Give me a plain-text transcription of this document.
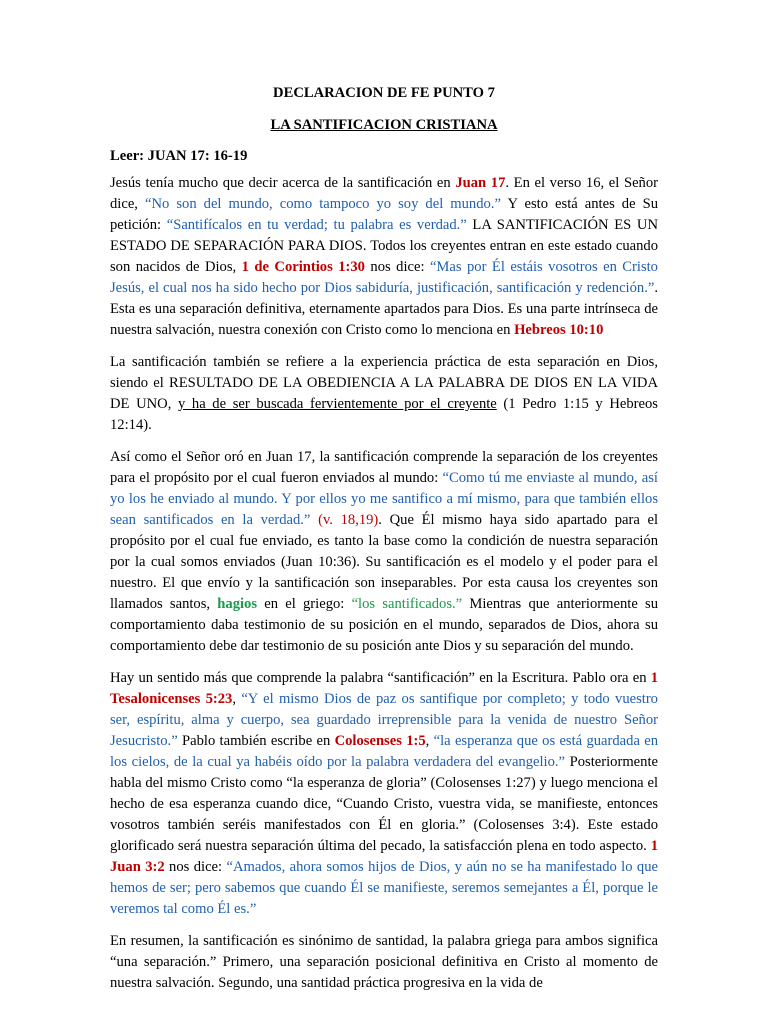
DECLARACION DE FE PUNTO 7
LA SANTIFICACION CRISTIANA
Leer: JUAN 17: 16-19

Jesús tenía mucho que decir acerca de la santificación en Juan 17. En el verso 16, el Señor dice, “No son del mundo, como tampoco yo soy del mundo.” Y esto está antes de Su petición: “Santifícalos en tu verdad; tu palabra es verdad.” LA SANTIFICACIÓN ES UN ESTADO DE SEPARACIÓN PARA DIOS. Todos los creyentes entran en este estado cuando son nacidos de Dios, 1 de Corintios 1:30 nos dice: “Mas por Él estáis vosotros en Cristo Jesús, el cual nos ha sido hecho por Dios sabiduría, justificación, santificación y redención.”. Esta es una separación definitiva, eternamente apartados para Dios. Es una parte intrínseca de nuestra salvación, nuestra conexión con Cristo como lo menciona en Hebreos 10:10

La santificación también se refiere a la experiencia práctica de esta separación en Dios, siendo el RESULTADO DE LA OBEDIENCIA A LA PALABRA DE DIOS EN LA VIDA DE UNO, y ha de ser buscada fervientemente por el creyente (1 Pedro 1:15 y Hebreos 12:14).

Así como el Señor oró en Juan 17, la santificación comprende la separación de los creyentes para el propósito por el cual fueron enviados al mundo: “Como tú me enviaste al mundo, así yo los he enviado al mundo. Y por ellos yo me santifico a mí mismo, para que también ellos sean santificados en la verdad.” (v. 18,19). Que Él mismo haya sido apartado para el propósito por el cual fue enviado, es tanto la base como la condición de nuestra separación por la cual somos enviados (Juan 10:36). Su santificación es el modelo y el poder para el nuestro. El que envío y la santificación son inseparables. Por esta causa los creyentes son llamados santos, hagios en el griego: “los santificados.” Mientras que anteriormente su comportamiento daba testimonio de su posición en el mundo, separados de Dios, ahora su comportamiento debe dar testimonio de su posición ante Dios y su separación del mundo.

Hay un sentido más que comprende la palabra “santificación” en la Escritura. Pablo ora en 1 Tesalonicenses 5:23, “Y el mismo Dios de paz os santifique por completo; y todo vuestro ser, espíritu, alma y cuerpo, sea guardado irreprensible para la venida de nuestro Señor Jesucristo.” Pablo también escribe en Colosenses 1:5, “la esperanza que os está guardada en los cielos, de la cual ya habéis oído por la palabra verdadera del evangelio.” Posteriormente habla del mismo Cristo como “la esperanza de gloria” (Colosenses 1:27) y luego menciona el hecho de esa esperanza cuando dice, “Cuando Cristo, vuestra vida, se manifieste, entonces vosotros también seréis manifestados con Él en gloria.” (Colosenses 3:4). Este estado glorificado será nuestra separación última del pecado, la satisfacción plena en todo aspecto. 1 Juan 3:2 nos dice: “Amados, ahora somos hijos de Dios, y aún no se ha manifestado lo que hemos de ser; pero sabemos que cuando Él se manifieste, seremos semejantes a Él, porque le veremos tal como Él es.”

En resumen, la santificación es sinónimo de santidad, la palabra griega para ambos significa “una separación.” Primero, una separación posicional definitiva en Cristo al momento de nuestra salvación. Segundo, una santidad práctica progresiva en la vida de
